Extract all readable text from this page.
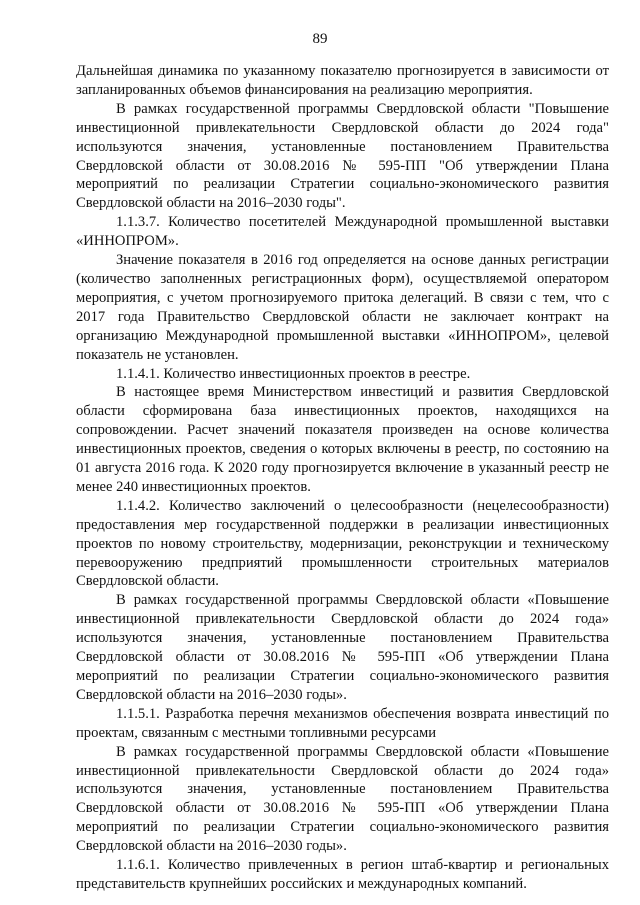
89

Дальнейшая динамика по указанному показателю прогнозируется в зависимости от запланированных объемов финансирования на реализацию мероприятия.

В рамках государственной программы Свердловской области "Повышение инвестиционной привлекательности Свердловской области до 2024 года" используются значения, установленные постановлением Правительства Свердловской области от 30.08.2016 № 595-ПП "Об утверждении Плана мероприятий по реализации Стратегии социально-экономического развития Свердловской области на 2016–2030 годы".

1.1.3.7. Количество посетителей Международной промышленной выставки «ИННОПРОМ».

Значение показателя в 2016 год определяется на основе данных регистрации (количество заполненных регистрационных форм), осуществляемой оператором мероприятия, с учетом прогнозируемого притока делегаций. В связи с тем, что с 2017 года Правительство Свердловской области не заключает контракт на организацию Международной промышленной выставки «ИННОПРОМ», целевой показатель не установлен.

1.1.4.1. Количество инвестиционных проектов в реестре.

В настоящее время Министерством инвестиций и развития Свердловской области сформирована база инвестиционных проектов, находящихся на сопровождении. Расчет значений показателя произведен на основе количества инвестиционных проектов, сведения о которых включены в реестр, по состоянию на 01 августа 2016 года. К 2020 году прогнозируется включение в указанный реестр не менее 240 инвестиционных проектов.

1.1.4.2. Количество заключений о целесообразности (нецелесообразности) предоставления мер государственной поддержки в реализации инвестиционных проектов по новому строительству, модернизации, реконструкции и техническому перевооружению предприятий промышленности строительных материалов Свердловской области.

В рамках государственной программы Свердловской области «Повышение инвестиционной привлекательности Свердловской области до 2024 года» используются значения, установленные постановлением Правительства Свердловской области от 30.08.2016 № 595-ПП «Об утверждении Плана мероприятий по реализации Стратегии социально-экономического развития Свердловской области на 2016–2030 годы».

1.1.5.1. Разработка перечня механизмов обеспечения возврата инвестиций по проектам, связанным с местными топливными ресурсами

В рамках государственной программы Свердловской области «Повышение инвестиционной привлекательности Свердловской области до 2024 года» используются значения, установленные постановлением Правительства Свердловской области от 30.08.2016 № 595-ПП «Об утверждении Плана мероприятий по реализации Стратегии социально-экономического развития Свердловской области на 2016–2030 годы».

1.1.6.1. Количество привлеченных в регион штаб-квартир и региональных представительств крупнейших российских и международных компаний.
